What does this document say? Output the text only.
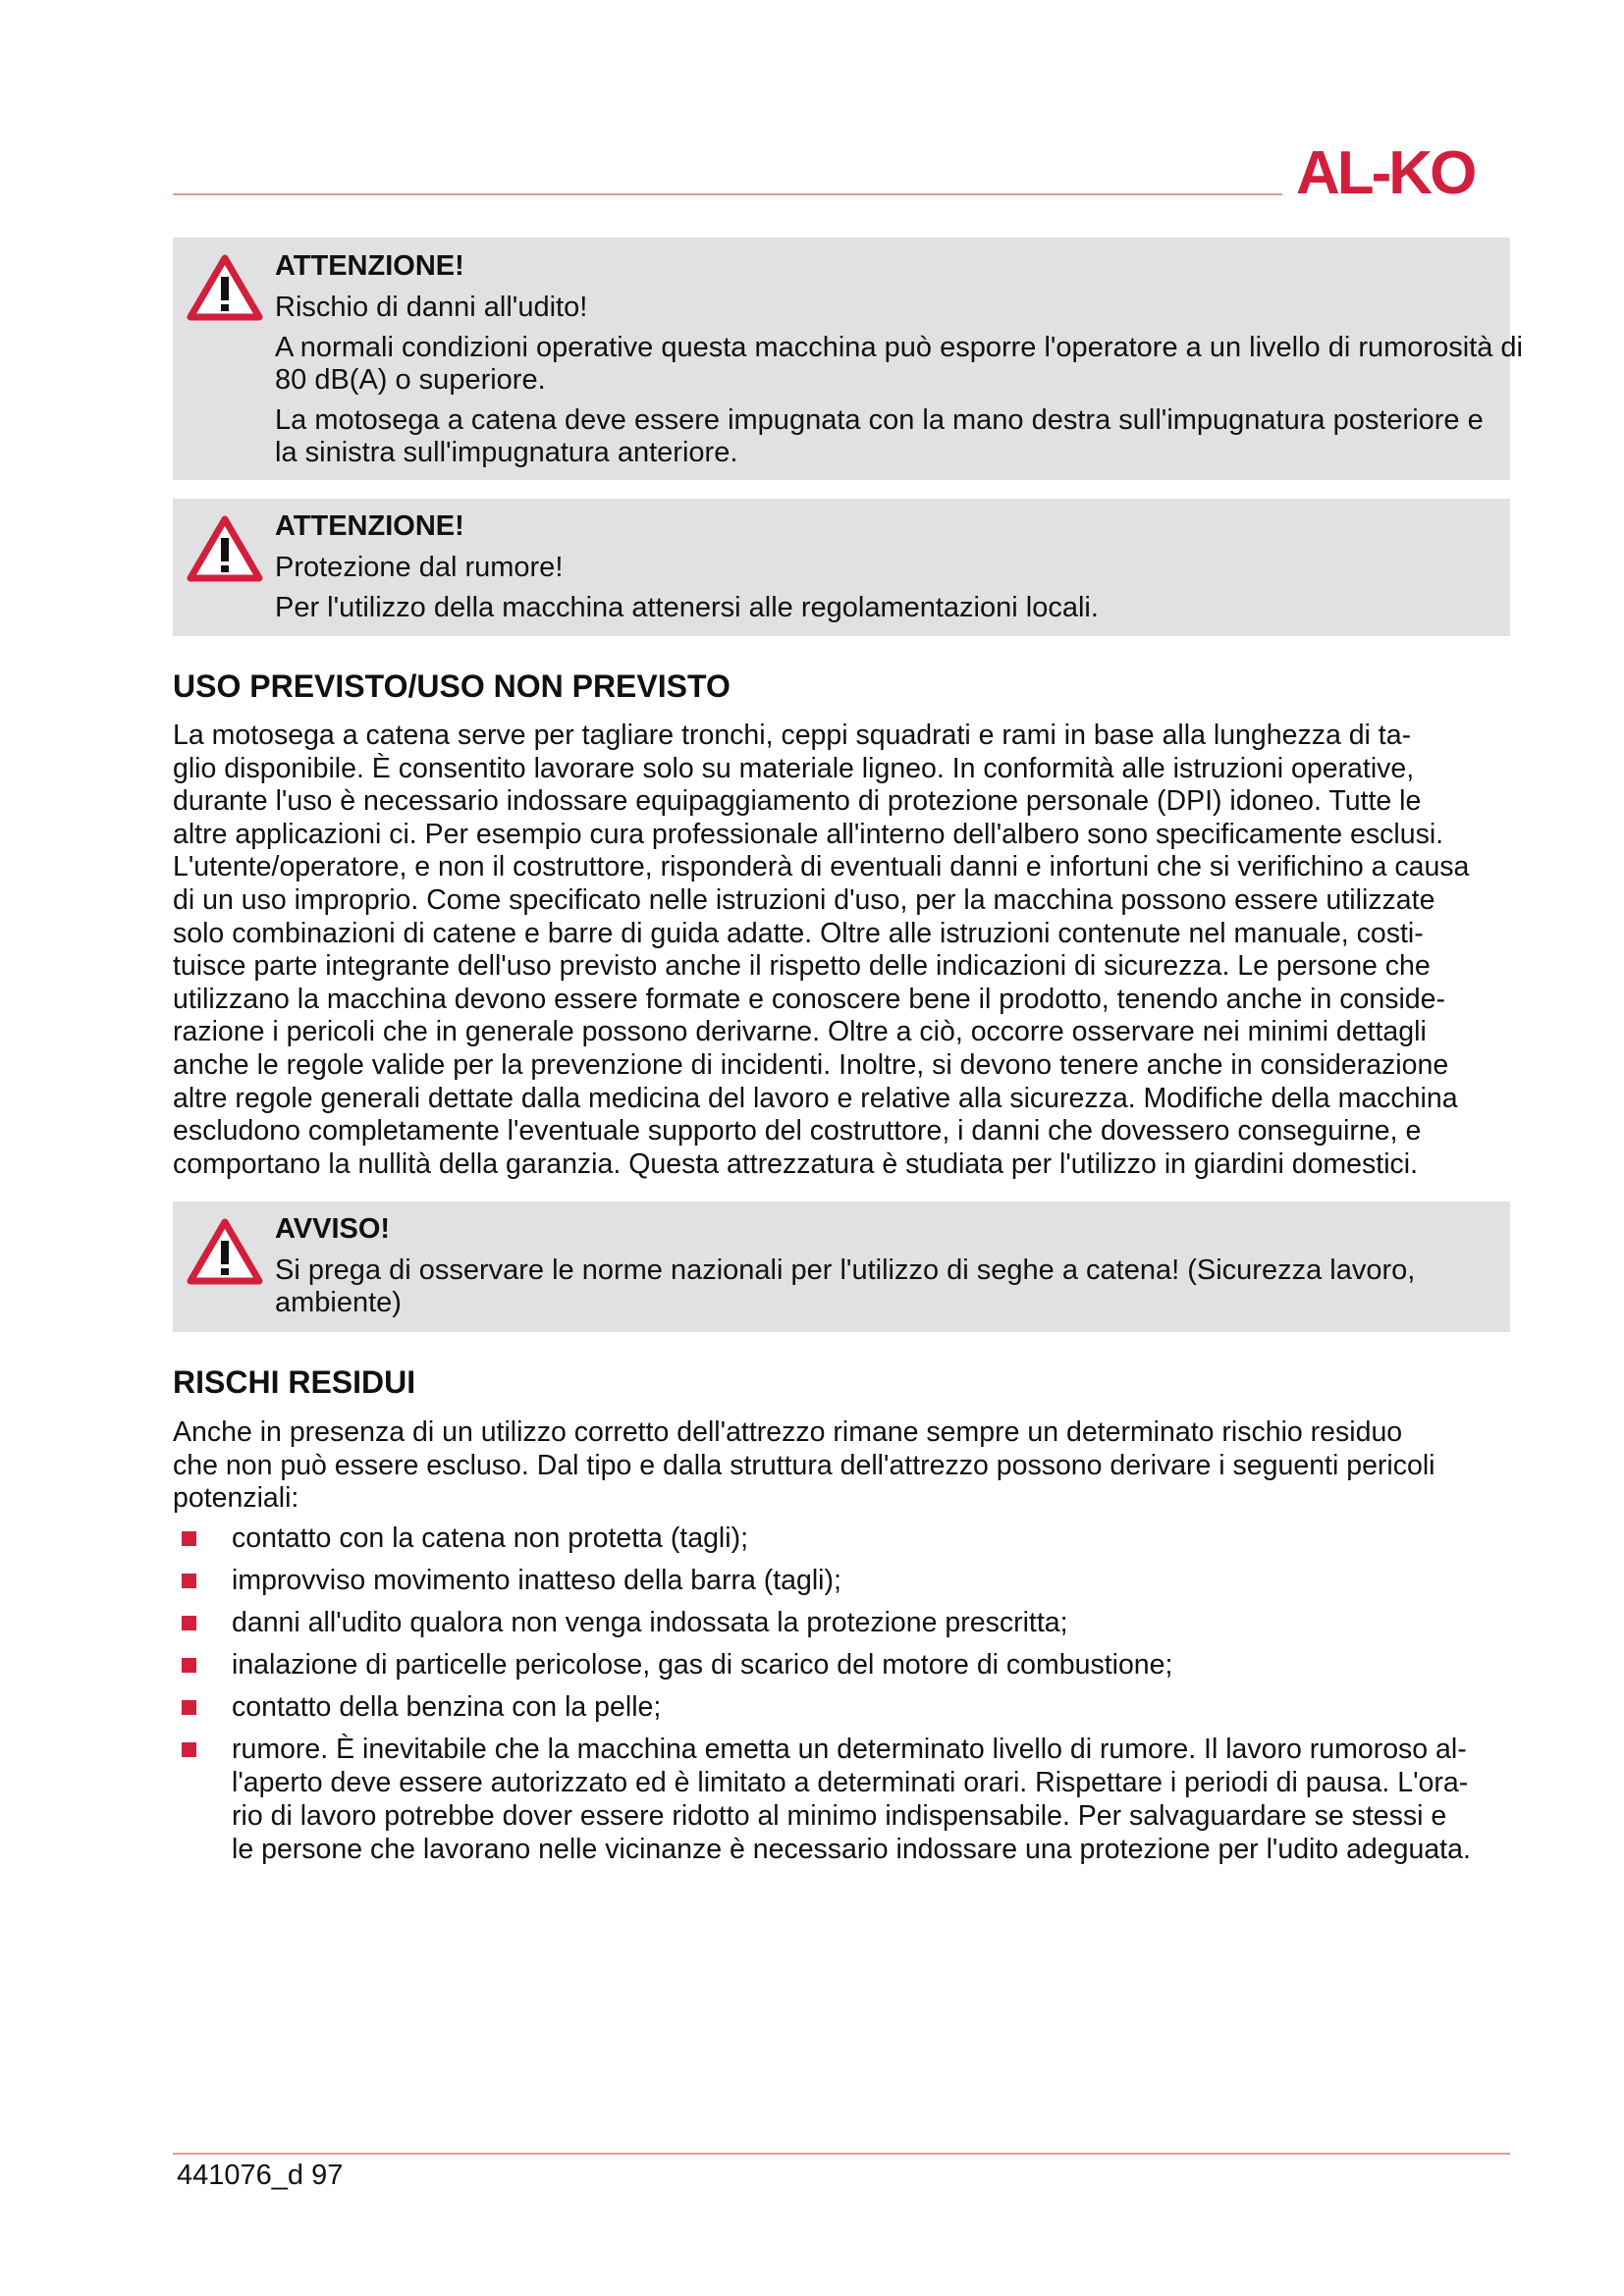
AL-KO
ATTENZIONE!
Rischio di danni all'udito!
A normali condizioni operative questa macchina può esporre l'operatore a un livello di rumorosità di 80 dB(A) o superiore.
La motosega a catena deve essere impugnata con la mano destra sull'impugnatura posteriore e la sinistra sull'impugnatura anteriore.
ATTENZIONE!
Protezione dal rumore!
Per l'utilizzo della macchina attenersi alle regolamentazioni locali.
USO PREVISTO/USO NON PREVISTO
La motosega a catena serve per tagliare tronchi, ceppi squadrati e rami in base alla lunghezza di ta-
glio disponibile. È consentito lavorare solo su materiale ligneo. In conformità alle istruzioni operative,
durante l'uso è necessario indossare equipaggiamento di protezione personale (DPI) idoneo. Tutte le
altre applicazioni ci. Per esempio cura professionale all'interno dell'albero sono specificamente esclusi.
L'utente/operatore, e non il costruttore, risponderà di eventuali danni e infortuni che si verifichino a causa
di un uso improprio. Come specificato nelle istruzioni d'uso, per la macchina possono essere utilizzate
solo combinazioni di catene e barre di guida adatte. Oltre alle istruzioni contenute nel manuale, costi-
tuisce parte integrante dell'uso previsto anche il rispetto delle indicazioni di sicurezza. Le persone che
utilizzano la macchina devono essere formate e conoscere bene il prodotto, tenendo anche in conside-
razione i pericoli che in generale possono derivarne. Oltre a ciò, occorre osservare nei minimi dettagli
anche le regole valide per la prevenzione di incidenti. Inoltre, si devono tenere anche in considerazione
altre regole generali dettate dalla medicina del lavoro e relative alla sicurezza. Modifiche della macchina
escludono completamente l'eventuale supporto del costruttore, i danni che dovessero conseguirne, e
comportano la nullità della garanzia. Questa attrezzatura è studiata per l'utilizzo in giardini domestici.
AVVISO!
Si prega di osservare le norme nazionali per l'utilizzo di seghe a catena! (Sicurezza lavoro, ambiente)
RISCHI RESIDUI
Anche in presenza di un utilizzo corretto dell'attrezzo rimane sempre un determinato rischio residuo
che non può essere escluso. Dal tipo e dalla struttura dell'attrezzo possono derivare i seguenti pericoli
potenziali:
contatto con la catena non protetta (tagli);
improvviso movimento inatteso della barra (tagli);
danni all'udito qualora non venga indossata la protezione prescritta;
inalazione di particelle pericolose, gas di scarico del motore di combustione;
contatto della benzina con la pelle;
rumore. È inevitabile che la macchina emetta un determinato livello di rumore. Il lavoro rumoroso al-
l'aperto deve essere autorizzato ed è limitato a determinati orari. Rispettare i periodi di pausa. L'ora-
rio di lavoro potrebbe dover essere ridotto al minimo indispensabile. Per salvaguardare se stessi e
le persone che lavorano nelle vicinanze è necessario indossare una protezione per l'udito adeguata.
441076_d 97
